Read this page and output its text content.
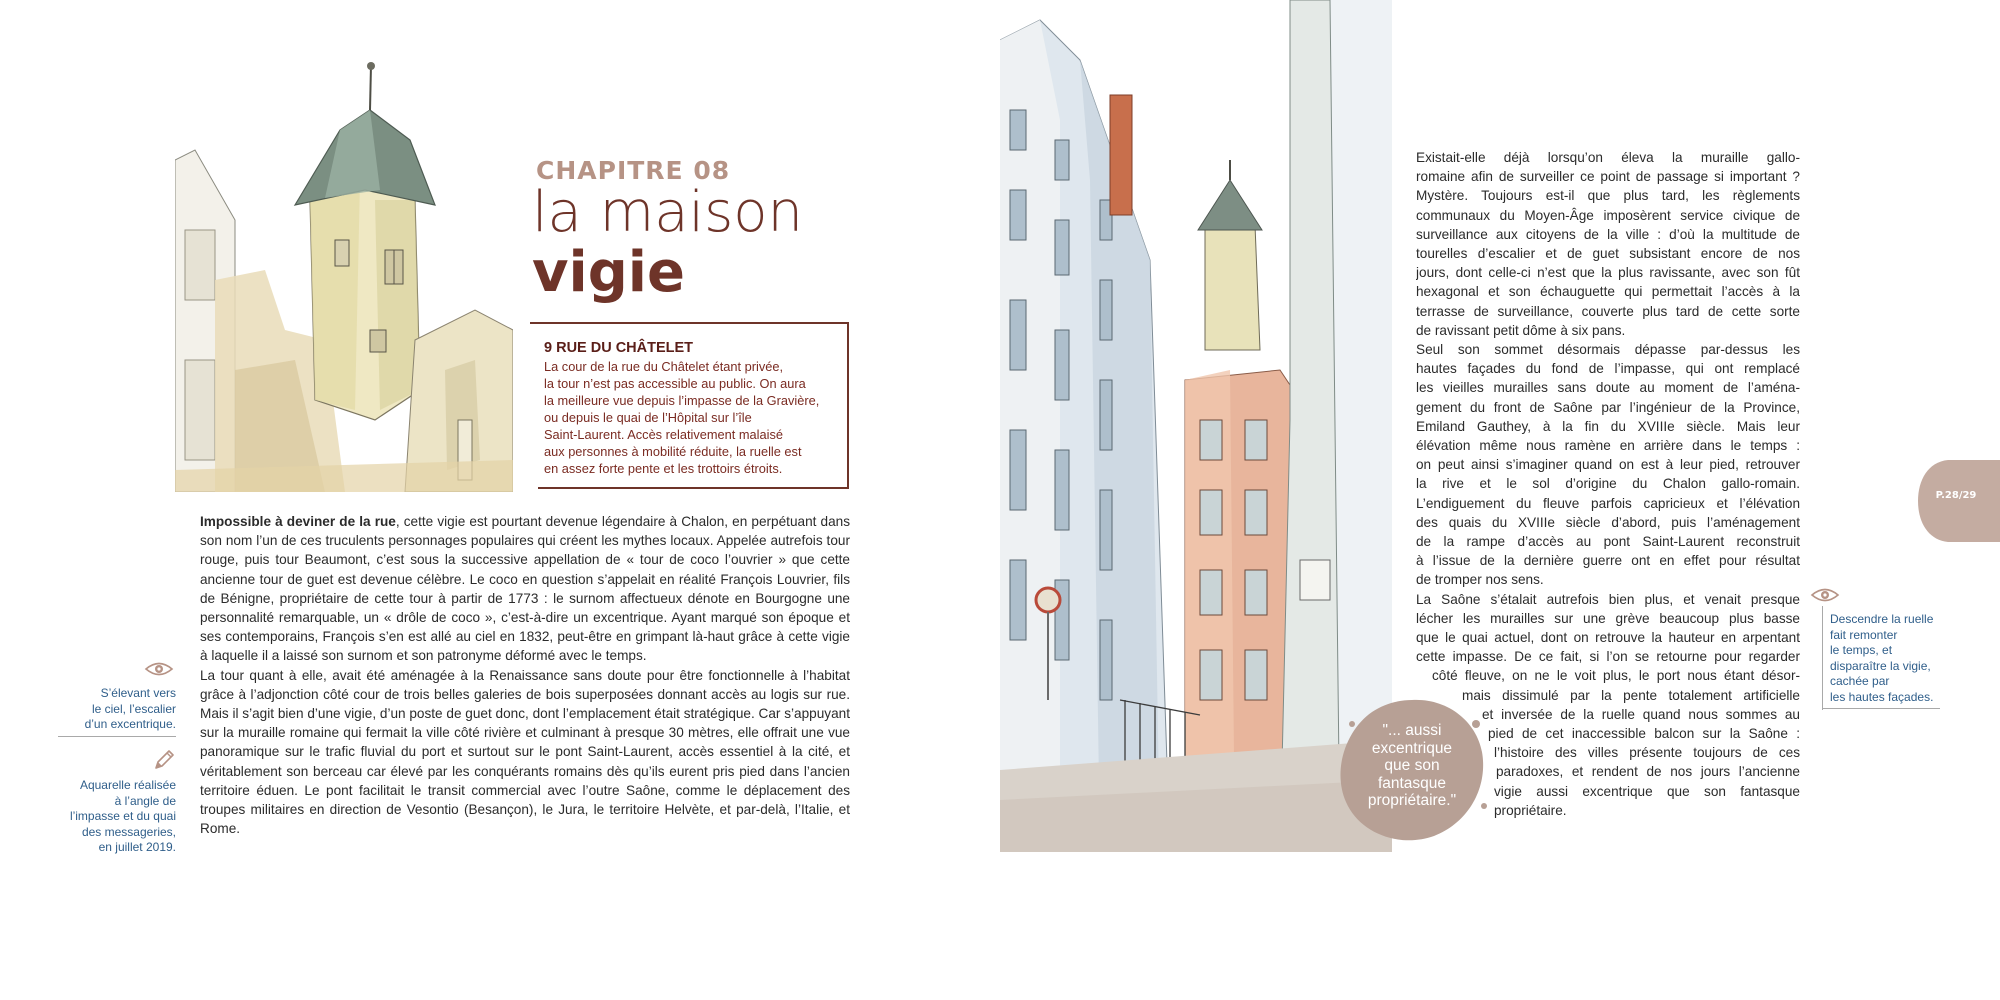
CHAPITRE 08
la maison
vigie
9 RUE DU CHÂTELET
La cour de la rue du Châtelet étant privée,
la tour n’est pas accessible au public. On aura
la meilleure vue depuis l’impasse de la Gravière,
ou depuis le quai de l’Hôpital sur l’île
Saint-Laurent. Accès relativement malaisé
aux personnes à mobilité réduite, la ruelle est
en assez forte pente et les trottoirs étroits.

Impossible à deviner de la rue, cette vigie est pourtant devenue légendaire à Chalon, en perpétuant dans son nom l’un de ces truculents personnages populaires qui créent les mythes locaux. Appelée autrefois tour rouge, puis tour Beaumont, c’est sous la successive appellation de « tour de coco l’ouvrier » que cette ancienne tour de guet est devenue célèbre. Le coco en question s’appelait en réalité François Louvrier, fils de Bénigne, propriétaire de cette tour à partir de 1773 : le surnom affectueux dénote en Bourgogne une personnalité remarquable, un « drôle de coco », c’est-à-dire un excentrique. Ayant marqué son époque et ses contemporains, François s’en est allé au ciel en 1832, peut-être en grimpant là-haut grâce à cette vigie à laquelle il a laissé son surnom et son patronyme déformé avec le temps.

La tour quant à elle, avait été aménagée à la Renaissance sans doute pour être fonctionnelle à l’habitat grâce à l’adjonction côté cour de trois belles galeries de bois superposées donnant accès au logis sur rue. Mais il s’agit bien d’une vigie, d’un poste de guet donc, dont l’emplacement était stratégique. Car s’appuyant sur la muraille romaine qui fermait la ville côté rivière et culminant à presque 30 mètres, elle offrait une vue panoramique sur le trafic fluvial du port et surtout sur le pont Saint-Laurent, accès essentiel à la cité, et véritablement son berceau car élevé par les conquérants romains dès qu’ils eurent pris pied dans l’ancien territoire éduen. Le pont facilitait le transit commercial avec l’outre Saône, comme le déplacement des troupes militaires en direction de Vesontio (Besançon), le Jura, le territoire Helvète, et par-delà, l’Italie, et Rome.

S’élevant vers
le ciel, l’escalier
d’un excentrique.
Aquarelle réalisée
à l’angle de
l’impasse et du quai
des messageries,
en juillet 2019.
"... aussi
excentrique
que son
fantasque
propriétaire."
Existait-elle déjà lorsqu’on éleva la muraille gallo-
romaine afin de surveiller ce point de passage si important ?
Mystère. Toujours est-il que plus tard, les règlements
communaux du Moyen-Âge imposèrent service civique de
surveillance aux citoyens de la ville : d’où la multitude de
tourelles d’escalier et de guet subsistant encore de nos
jours, dont celle-ci n’est que la plus ravissante, avec son fût
hexagonal et son échauguette qui permettait l’accès à la
terrasse de surveillance, couverte plus tard de cette sorte
de ravissant petit dôme à six pans.
Seul son sommet désormais dépasse par-dessus les
hautes façades du fond de l’impasse, qui ont remplacé
les vieilles murailles sans doute au moment de l’aména-
gement du front de Saône par l’ingénieur de la Province,
Emiland Gauthey, à la fin du XVIIIe siècle. Mais leur
élévation même nous ramène en arrière dans le temps :
on peut ainsi s’imaginer quand on est à leur pied, retrouver
la rive et le sol d’origine du Chalon gallo-romain.
L’endiguement du fleuve parfois capricieux et l’élévation
des quais du XVIIIe siècle d’abord, puis l’aménagement
de la rampe d’accès au pont Saint-Laurent reconstruit
à l’issue de la dernière guerre ont en effet pour résultat
de tromper nos sens.
La Saône s’étalait autrefois bien plus, et venait presque
lécher les murailles sur une grève beaucoup plus basse
que le quai actuel, dont on retrouve la hauteur en arpentant
cette impasse. De ce fait, si l’on se retourne pour regarder
côté fleuve, on ne le voit plus, le port nous étant désor-
mais dissimulé par la pente totalement artificielle
et inversée de la ruelle quand nous sommes au
pied de cet inaccessible balcon sur la Saône :
l’histoire des villes présente toujours de ces
paradoxes, et rendent de nos jours l’ancienne
vigie aussi excentrique que son fantasque
propriétaire.
P.28/29
Descendre la ruelle
fait remonter
le temps, et
disparaître la vigie,
cachée par
les hautes façades.
